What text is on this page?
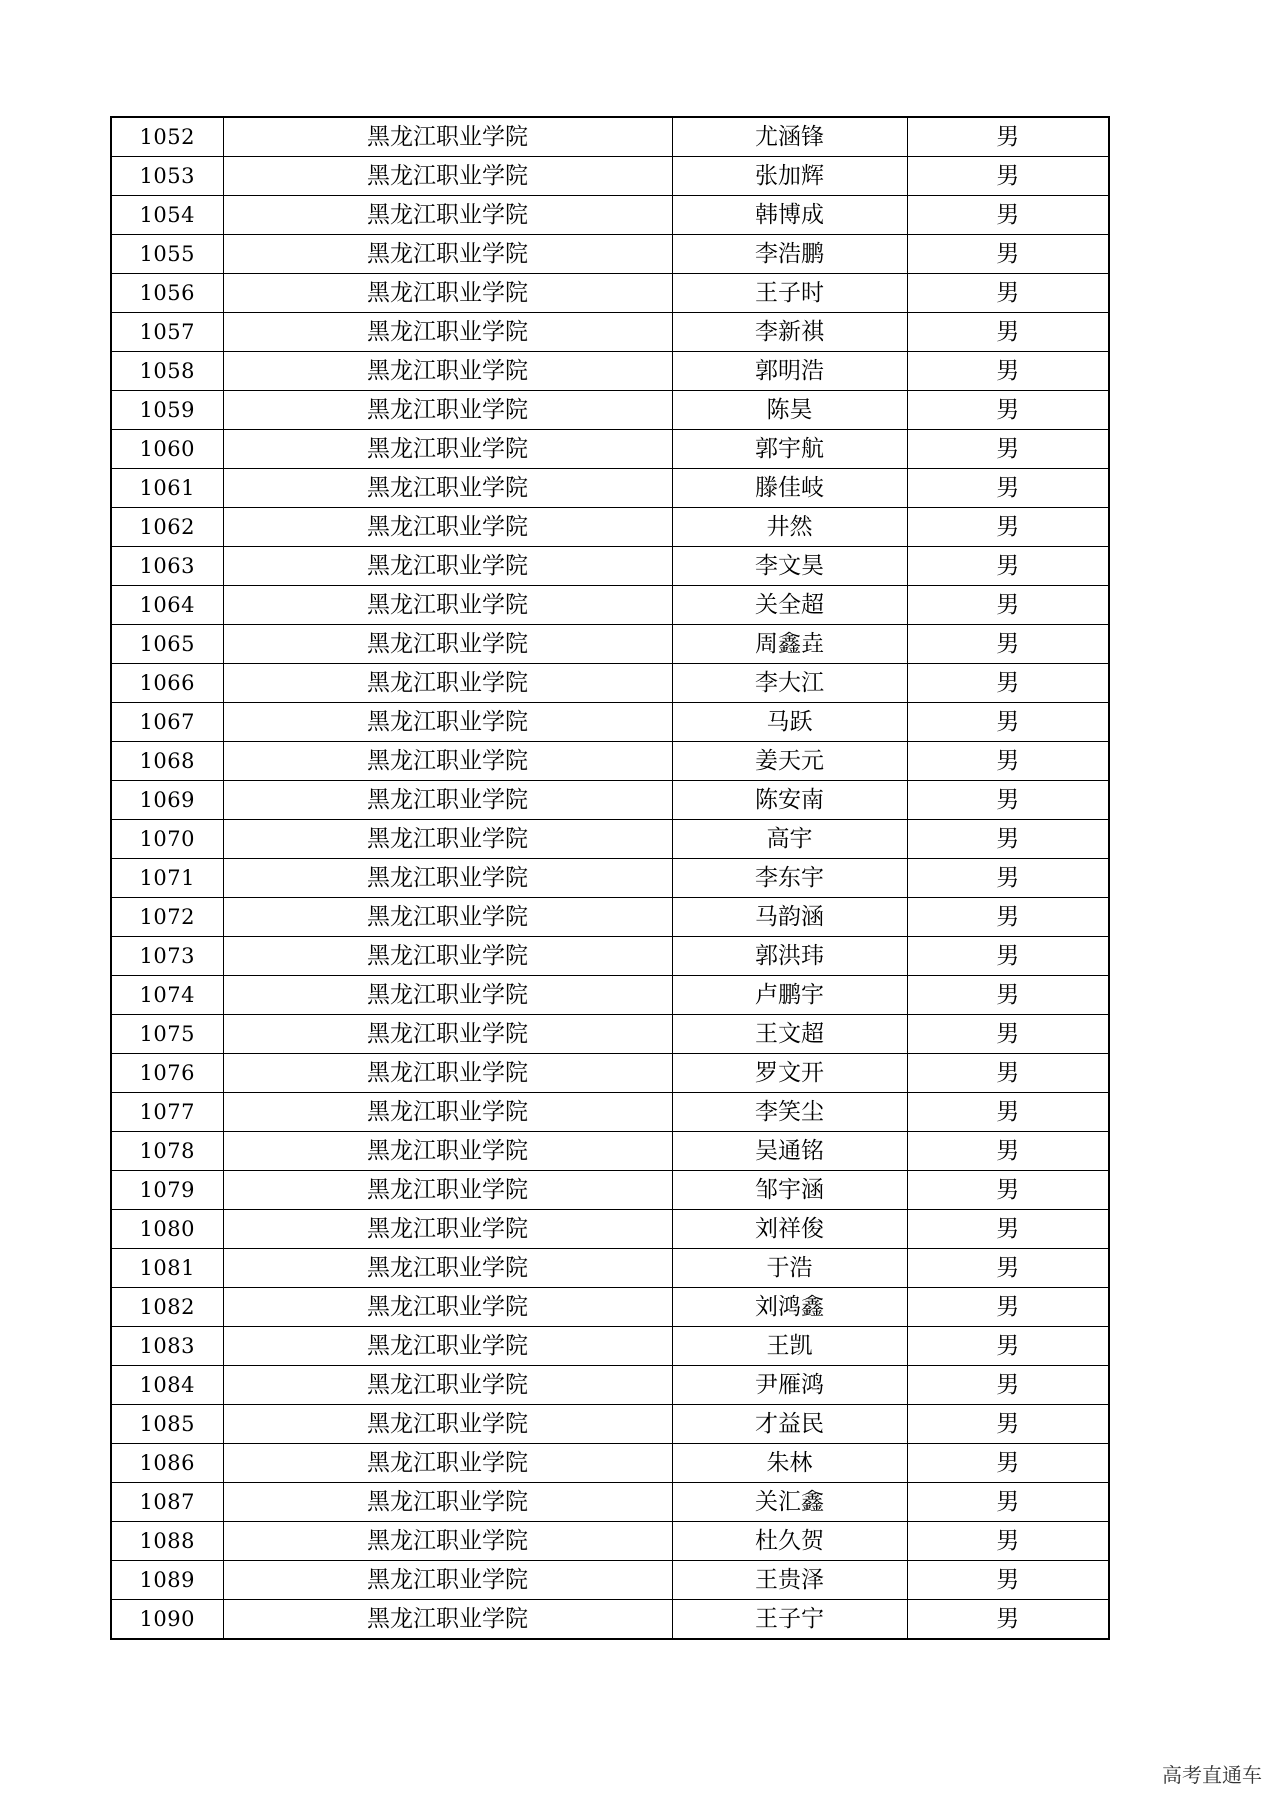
1052	黑龙江职业学院	尤涵锋	男
1053	黑龙江职业学院	张加辉	男
1054	黑龙江职业学院	韩博成	男
1055	黑龙江职业学院	李浩鹏	男
1056	黑龙江职业学院	王子时	男
1057	黑龙江职业学院	李新祺	男
1058	黑龙江职业学院	郭明浩	男
1059	黑龙江职业学院	陈昊	男
1060	黑龙江职业学院	郭宇航	男
1061	黑龙江职业学院	滕佳岐	男
1062	黑龙江职业学院	井然	男
1063	黑龙江职业学院	李文昊	男
1064	黑龙江职业学院	关全超	男
1065	黑龙江职业学院	周鑫垚	男
1066	黑龙江职业学院	李大江	男
1067	黑龙江职业学院	马跃	男
1068	黑龙江职业学院	姜天元	男
1069	黑龙江职业学院	陈安南	男
1070	黑龙江职业学院	高宇	男
1071	黑龙江职业学院	李东宇	男
1072	黑龙江职业学院	马韵涵	男
1073	黑龙江职业学院	郭洪玮	男
1074	黑龙江职业学院	卢鹏宇	男
1075	黑龙江职业学院	王文超	男
1076	黑龙江职业学院	罗文开	男
1077	黑龙江职业学院	李笑尘	男
1078	黑龙江职业学院	吴通铭	男
1079	黑龙江职业学院	邹宇涵	男
1080	黑龙江职业学院	刘祥俊	男
1081	黑龙江职业学院	于浩	男
1082	黑龙江职业学院	刘鸿鑫	男
1083	黑龙江职业学院	王凯	男
1084	黑龙江职业学院	尹雁鸿	男
1085	黑龙江职业学院	才益民	男
1086	黑龙江职业学院	朱林	男
1087	黑龙江职业学院	关汇鑫	男
1088	黑龙江职业学院	杜久贺	男
1089	黑龙江职业学院	王贵泽	男
1090	黑龙江职业学院	王子宁	男
高考直通车
